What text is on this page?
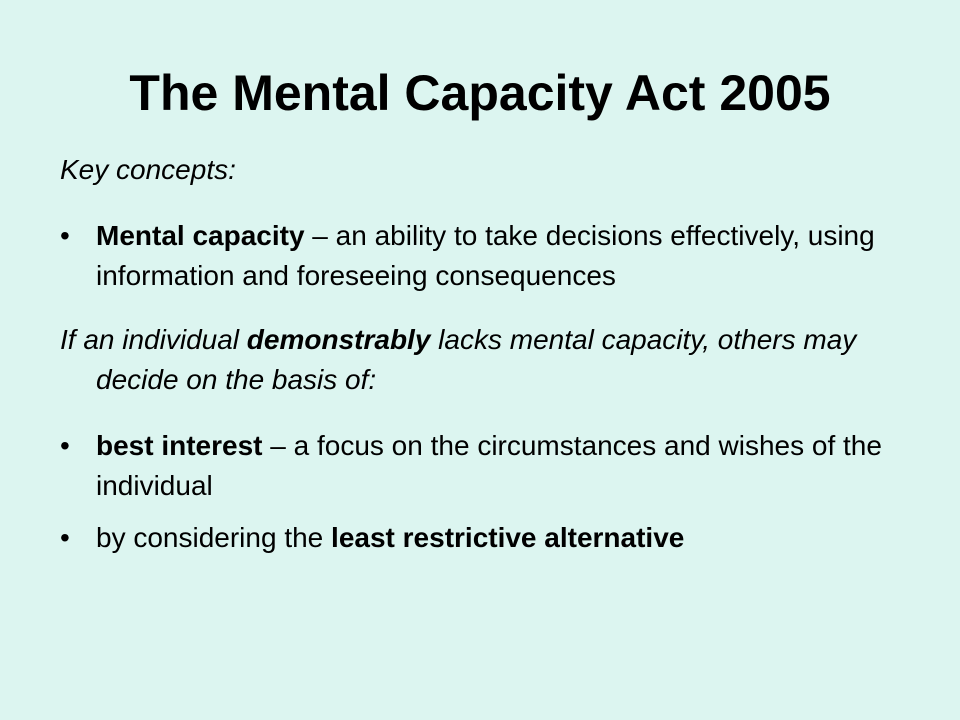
The Mental Capacity Act 2005

Key concepts:

• Mental capacity – an ability to take decisions effectively, using information and foreseeing consequences

If an individual demonstrably lacks mental capacity, others may decide on the basis of:

• best interest – a focus on the circumstances and wishes of the individual
• by considering the least restrictive alternative
